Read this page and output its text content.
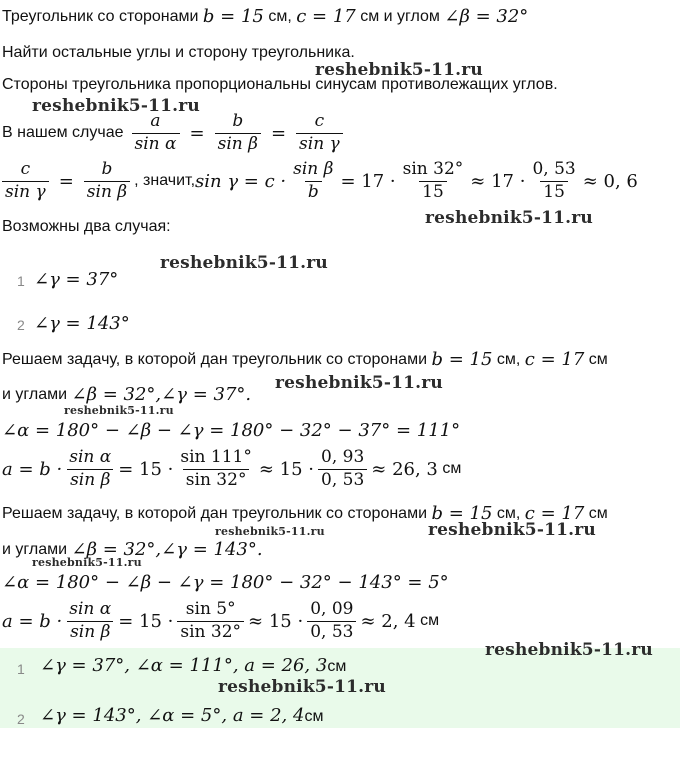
Треугольник со сторонами
b = 15
см,
c = 17
см и углом
∠β = 32°
Найти остальные углы и сторону треугольника.
reshebnik5-11.ru
Стороны треугольника пропорциональны синусам противолежащих углов.
reshebnik5-11.ru
В нашем случае $\frac{a}{\text{sin α}} = \frac{b}{\text{sin β}} = \frac{c}{\text{sin γ}}$
$\frac{c}{\text{sin γ}} = \frac{b}{\text{sin β}}$ , значит, $\sin \gamma = c \cdot \frac{\text{sin β}}{b} = 17 \cdot \frac{\sin 32^\circ}{15} \approx 17 \cdot \frac{0, 53}{15} \approx 0$, 6
Возможны два случая:	reshebnik5-11.ru
reshebnik5-11.ru
1 ∠γ = 37°
2 ∠γ = 143°
Решаем задачу, в которой дан треугольник со сторонами
b = 15
см,
c = 17
см
и углами
∠β = 32°,∠γ = 37°.
reshebnik5-11.ru
reshebnik5-11.ru
∠α = 180° − ∠β − ∠γ = 180° − 32° − 37° = 111°
$a = b \cdot \frac{\text{sin α}}{\text{sin β}} = 15 \cdot \frac{\sin 111^\circ}{\sin 32^\circ} \approx 15 \cdot \frac{0, 93}{0, 53} \approx 26$, 3
см
Решаем задачу, в которой дан треугольник со сторонами
b = 15
см,
c = 17
см
reshebnik5-11.ru	reshebnik5-11.ru
и углами
∠β = 32°,∠γ = 143°.
reshebnik5-11.ru
∠α = 180° − ∠β − ∠γ = 180° − 32° − 143° = 5°
$a = b \cdot \frac{\text{sin α}}{\text{sin β}} = 15 \cdot \frac{\sin 5^\circ}{\sin 32^\circ} \approx 15 \cdot \frac{0, 09}{0, 53} \approx 2$, 4
см
reshebnik5-11.ru
1 ∠γ = 37°, ∠α = 111°, a = 26, 3см
reshebnik5-11.ru
2 ∠γ = 143°, ∠α = 5°, a = 2, 4см
